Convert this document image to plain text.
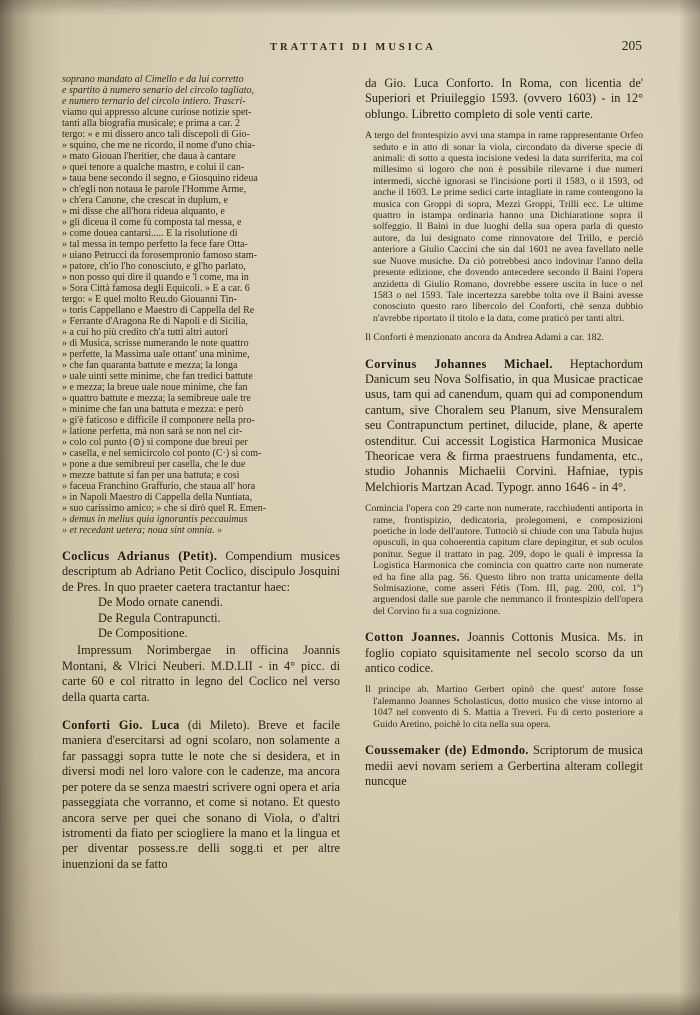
TRATTATI DI MUSICA	205
soprano mandato al Cimello e da lui corretto
e spartito à numero senario del circolo tagliato,
e numero ternario del circolo intiero. Trascri-
viamo qui appresso alcune curiose notizie spet-
tanti alla biografia musicale; e prima a car. 2
tergo: « e mi dissero anco tali discepoli di Gio-
» squino, che me ne ricordo, il nome d'uno chia-
» mato Giouan l'heritier, che daua à cantare
» quei tenore a qualche mastro, e colui il can-
» taua bene secondo il segno, e Giosquino rideua
» ch'egli non notaua le parole l'Homme Arme,
» ch'era Canone, che crescat in duplum, e
» mi disse che all'hora rideua alquanto, e
» gli diceua il come fù composta tal messa, e
» come douea cantarsi..... E la risolutione di
» tal messa in tempo perfetto la fece fare Otta-
» uiano Petrucci da forosempronio famoso stam-
» patore, ch'io l'ho conosciuto, e gl'ho parlato,
» non posso qui dire il quando e 'l come, ma in
» Sora Città famosa degli Equicoli. » E a car. 6
tergo: « È quel molto Reu.do Giouanni Tin-
» toris Cappellano e Maestro di Cappella del Re
» Ferrante d'Aragona Re di Napoli e di Sicilia,
» a cui ho più credito ch'a tutti altri autori
» di Musica, scrisse numerando le note quattro
» perfette, la Massima uale ottant' una minime,
» che fan quaranta battute e mezza; la longa
» uale uinti sette minime, che fan tredici battute
» e mezza; la breue uale noue minime, che fan
» quattro battute e mezza; la semibreue uale tre
» minime che fan una battuta e mezza: e però
» gi'è faticoso e difficile il componere nella pro-
» latione perfetta, mà non sarà se non nel cir-
» colo col punto (⊙) si compone due breui per
» casella, e nel semicircolo col ponto (C·) si com-
» pone a due semibreui per casella, che le due
» mezze battute si fan per una battuta; e così
» faceua Franchino Graffurio, che staua all' hora
» in Napoli Maestro di Cappella della Nuntiata,
» suo carissimo amico; » che si dirò quel R. Emen-
» demus in melius quia ignorantis peccauimus
» et recedant uetera; noua sint omnia. »

Coclicus Adrianus (Petit). Compendium musices descriptum ab Adriano Petit Coclico, discipulo Josquini de Pres. In quo praeter caetera tractantur haec:

De Modo ornate canendi.
De Regula Contrapuncti.
De Compositione.

Impressum Norimbergae in officina Joannis Montani, & Vlrici Neuberi. M.D.LII - in 4° picc. di carte 60 e col ritratto in legno del Coclico nel verso della quarta carta.

Conforti Gio. Luca (di Mileto). Breve et facile maniera d'esercitarsi ad ogni scolaro, non solamente a far passaggi sopra tutte le note che si desidera, et in diversi modi nel loro valore con le cadenze, ma ancora per potere da se senza maestri scrivere ogni opera et aria passeggiata che vorranno, et come si notano. Et questo ancora serve per quei che sonano di Viola, o d'altri istromenti da fiato per sciogliere la mano et la lingua et per diventar possess.re delli sogg.ti et per altre inuenzioni da se fatto

da Gio. Luca Conforto. In Roma, con licentia de' Superiori et Priuileggio 1593. (ovvero 1603) - in 12° oblungo. Libretto completo di sole venti carte.

A tergo del frontespizio avvi una stampa in rame rappresentante Orfeo seduto e in atto di sonar la viola, circondato da diverse specie di animali: di sotto a questa incisione vedesi la data surriferita, ma col millesimo sì logoro che non è possibile rilevarne i due numeri intermedi, sicchè ignorasi se l'incisione porti il 1583, o il 1593, od anche il 1603. Le prime sedici carte intagliate in rame contengono la musica con Groppi di sopra, Mezzi Groppi, Trilli ecc. Le ultime quattro in istampa ordinaria hanno una Dichiaratione sopra il solfeggio. Il Baini in due luoghi della sua opera parla di questo autore, da lui designato come rinnovatore del Trillo, e perciò anteriore a Giulio Caccini che sin dal 1601 ne avea favellato nelle sue Nuove musiche. Da ciò potrebbesi anco indovinar l'anno della presente edizione, che dovendo antecedere secondo il Baini l'opera anzidetta di Giulio Romano, dovrebbe essere uscita in luce o nel 1583 o nel 1593. Tale incertezza sarebbe tolta ove il Baini avesse conosciuto questo raro libercolo del Conforti, chè senza dubbio n'avrebbe riportato il titolo e la data, come praticò per tanti altri.

Il Conforti è menzionato ancora da Andrea Adami a car. 182.

Corvinus Johannes Michael. Heptachordum Danicum seu Nova Solfisatio, in qua Musicae practicae usus, tam qui ad canendum, quam qui ad componendum cantum, sive Choralem seu Planum, sive Mensuralem seu Contrapunctum pertinet, dilucide, plane, & aperte ostenditur. Cui accessit Logistica Harmonica Musicae Theoricae vera & firma praestruens fundamenta, etc., studio Johannis Michaelii Corvini. Hafniae, typis Melchioris Martzan Acad. Typogr. anno 1646 - in 4°.

Comincia l'opera con 29 carte non numerate, racchiudenti antiporta in rame, frontispizio, dedicatoria, prolegomeni, e composizioni poetiche in lode dell'autore. Tuttociò si chiude con una Tabula hujus opusculi, in qua cohoerentia capitum clare depingitur, et sub oculos ponitur. Segue il trattato in pag. 209, dopo le quali è impressa la Logistica Harmonica che comincia con quattro carte non numerate ed ha fine alla pag. 56. Questo libro non tratta unicamente della Solmisazione, come asserì Fétis (Tom. III, pag. 200, col. 1ª) arguendosi dalle sue parole che nemmanco il frontespizio dell'opera del Corvino fu a sua cognizione.

Cotton Joannes. Joannis Cottonis Musica. Ms. in foglio copiato squisitamente nel secolo scorso da un antico codice.

Il principe ab. Martino Gerbert opinò che quest' autore fosse l'alemanno Joannes Scholasticus, dotto musico che visse intorno al 1047 nel convento di S. Mattia a Treveri. Fu di certo posteriore a Guido Aretino, poichè lo cita nella sua opera.

Coussemaker (de) Edmondo. Scriptorum de musica medii aevi novam seriem a Gerbertina alteram collegit nuncque
